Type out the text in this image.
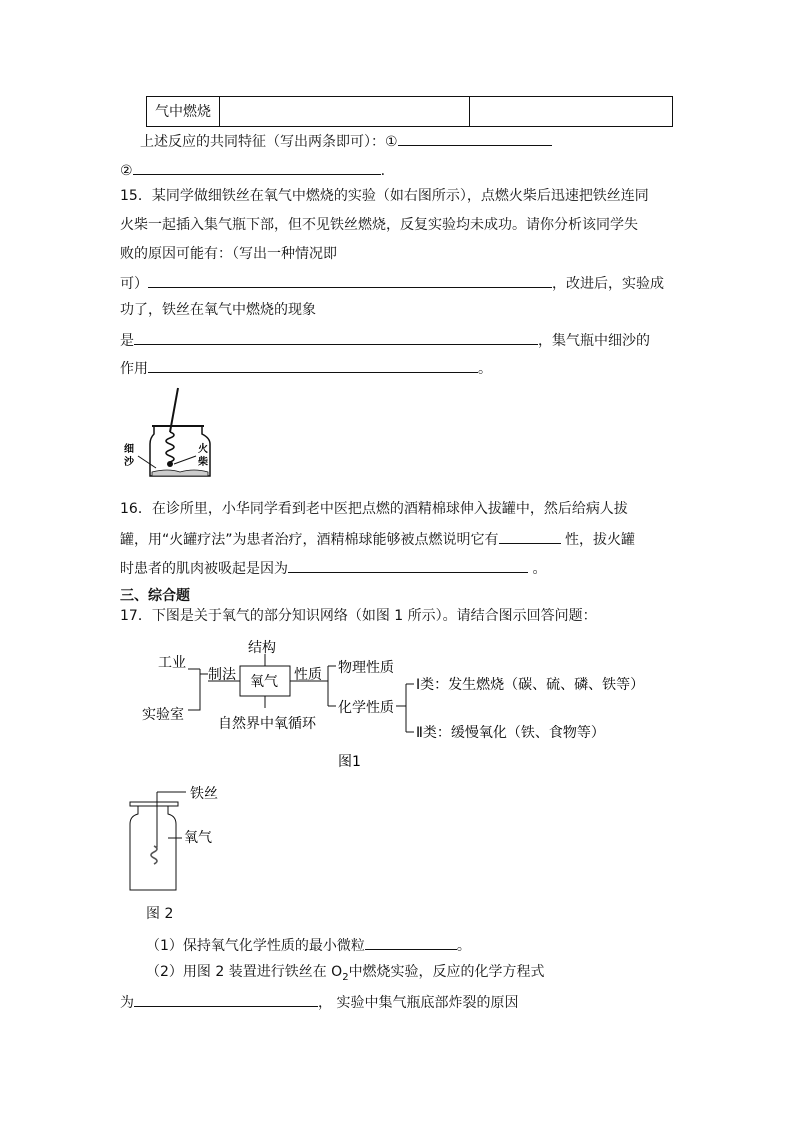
气中燃烧
上述反应的共同特征（写出两条即可）：①
②	.
15．某同学做细铁丝在氧气中燃烧的实验（如右图所示），点燃火柴后迅速把铁丝连同
火柴一起插入集气瓶下部，但不见铁丝燃烧，反复实验均未成功。请你分析该同学失
败的原因可能有：（写出一种情况即
可）	，改进后，实验成
功了，铁丝在氧气中燃烧的现象
是	，集气瓶中细沙的
作用	。
细
沙
火
柴
16．在诊所里，小华同学看到老中医把点燃的酒精棉球伸入拔罐中，然后给病人拔
罐，用“火罐疗法”为患者治疗，酒精棉球能够被点燃说明它有	性，拔火罐
时患者的肌肉被吸起是因为	。
三、综合题
17．下图是关于氧气的部分知识网络（如图 1 所示）。请结合图示回答问题：
结构
氧气
自然界中氧循环
制法
工业
实验室
性质 物理性质
化学性质
Ⅰ类：发生燃烧（碳、硫、磷、铁等）
Ⅱ类：缓慢氧化（铁、食物等）
图1
铁丝
氧气
图 2
（1）保持氧气化学性质的最小微粒	。
（2）用图 2 装置进行铁丝在 $O_2$中燃烧实验，反应的化学方程式
为	， 实验中集气瓶底部炸裂的原因
